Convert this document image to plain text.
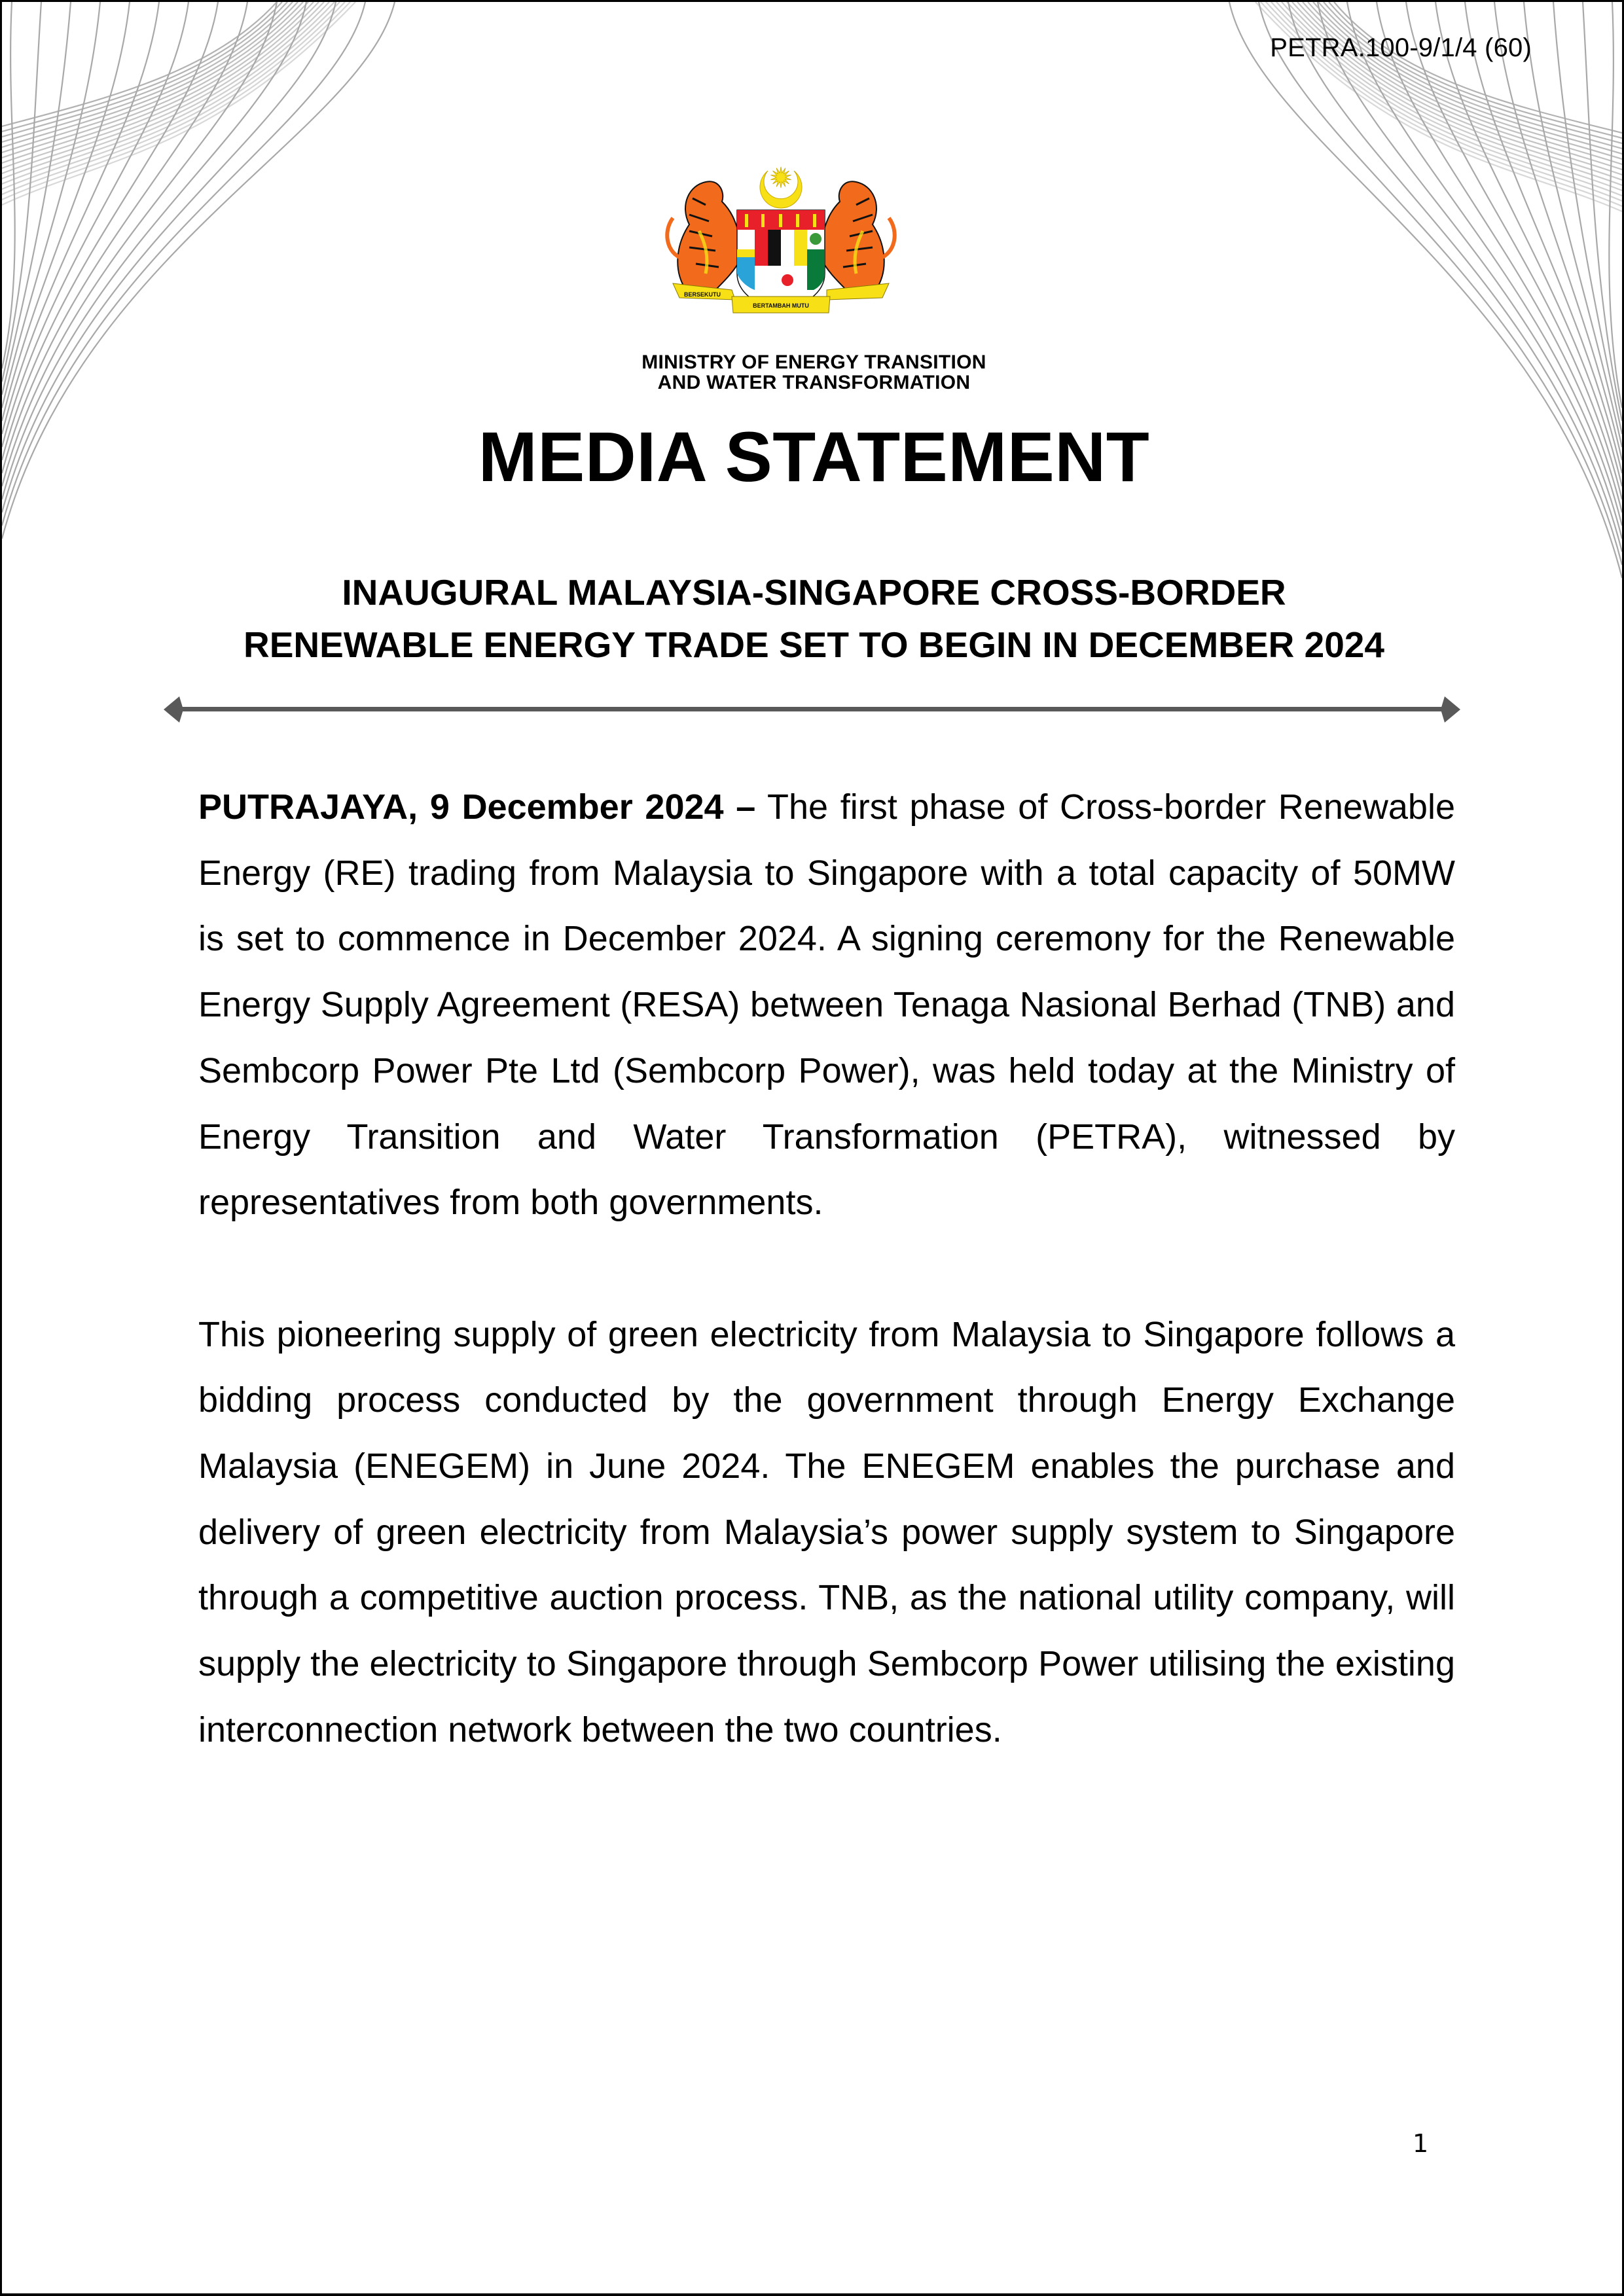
PETRA.100-9/1/4 (60)
BERSEKUTU
BERTAMBAH MUTU
MINISTRY OF ENERGY TRANSITION
AND WATER TRANSFORMATION
MEDIA STATEMENT
INAUGURAL MALAYSIA-SINGAPORE CROSS-BORDER
RENEWABLE ENERGY TRADE SET TO BEGIN IN DECEMBER 2024

PUTRAJAYA, 9 December 2024 – The first phase of Cross-border Renewable Energy (RE) trading from Malaysia to Singapore with a total capacity of 50MW is set to commence in December 2024. A signing ceremony for the Renewable Energy Supply Agreement (RESA) between Tenaga Nasional Berhad (TNB) and Sembcorp Power Pte Ltd (Sembcorp Power), was held today at the Ministry of Energy Transition and Water Transformation (PETRA), witnessed by representatives from both governments.

This pioneering supply of green electricity from Malaysia to Singapore follows a bidding process conducted by the government through Energy Exchange Malaysia (ENEGEM) in June 2024. The ENEGEM enables the purchase and delivery of green electricity from Malaysia’s power supply system to Singapore through a competitive auction process. TNB, as the national utility company, will supply the electricity to Singapore through Sembcorp Power utilising the existing interconnection network between the two countries.

1
